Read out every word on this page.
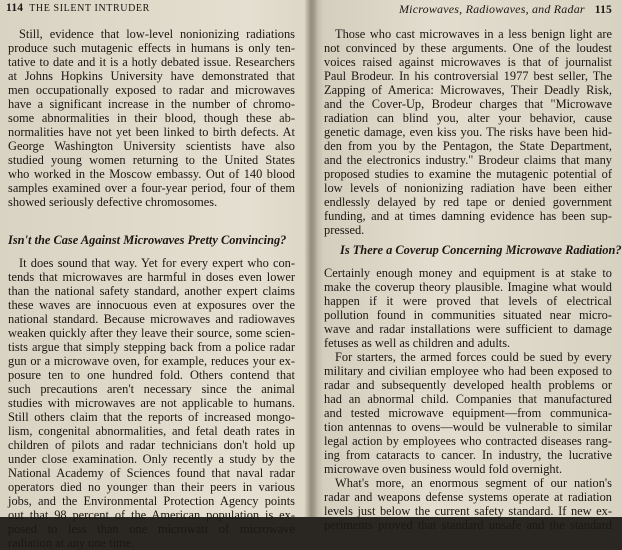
114 THE SILENT INTRUDER
Still, evidence that low-level nonionizing radiations
produce such mutagenic effects in humans is only ten-
tative to date and it is a hotly debated issue. Researchers
at Johns Hopkins University have demonstrated that
men occupationally exposed to radar and microwaves
have a significant increase in the number of chromo-
some abnormalities in their blood, though these ab-
normalities have not yet been linked to birth defects. At
George Washington University scientists have also
studied young women returning to the United States
who worked in the Moscow embassy. Out of 140 blood
samples examined over a four-year period, four of them
showed seriously defective chromosomes.
Isn't the Case Against Microwaves Pretty Convincing?
It does sound that way. Yet for every expert who con-
tends that microwaves are harmful in doses even lower
than the national safety standard, another expert claims
these waves are innocuous even at exposures over the
national standard. Because microwaves and radiowaves
weaken quickly after they leave their source, some scien-
tists argue that simply stepping back from a police radar
gun or a microwave oven, for example, reduces your ex-
posure ten to one hundred fold. Others contend that
such precautions aren't necessary since the animal
studies with microwaves are not applicable to humans.
Still others claim that the reports of increased mongo-
lism, congenital abnormalities, and fetal death rates in
children of pilots and radar technicians don't hold up
under close examination. Only recently a study by the
National Academy of Sciences found that naval radar
operators died no younger than their peers in various
jobs, and the Environmental Protection Agency points
out that 98 percent of the American population is ex-
posed to less than one microwatt of microwave
radiation at any one time.
Microwaves, Radiowaves, and Radar 115
Those who cast microwaves in a less benign light are
not convinced by these arguments. One of the loudest
voices raised against microwaves is that of journalist
Paul Brodeur. In his controversial 1977 best seller, The
Zapping of America: Microwaves, Their Deadly Risk,
and the Cover-Up, Brodeur charges that "Microwave
radiation can blind you, alter your behavior, cause
genetic damage, even kiss you. The risks have been hid-
den from you by the Pentagon, the State Department,
and the electronics industry." Brodeur claims that many
proposed studies to examine the mutagenic potential of
low levels of nonionizing radiation have been either
endlessly delayed by red tape or denied government
funding, and at times damning evidence has been sup-
pressed.
Is There a Coverup Concerning Microwave Radiation?
Certainly enough money and equipment is at stake to
make the coverup theory plausible. Imagine what would
happen if it were proved that levels of electrical
pollution found in communities situated near micro-
wave and radar installations were sufficient to damage
fetuses as well as children and adults.
For starters, the armed forces could be sued by every
military and civilian employee who had been exposed to
radar and subsequently developed health problems or
had an abnormal child. Companies that manufactured
and tested microwave equipment—from communica-
tion antennas to ovens—would be vulnerable to similar
legal action by employees who contracted diseases rang-
ing from cataracts to cancer. In industry, the lucrative
microwave oven business would fold overnight.
What's more, an enormous segment of our nation's
radar and weapons defense systems operate at radiation
levels just below the current safety standard. If new ex-
periments proved that standard unsafe and the standard
